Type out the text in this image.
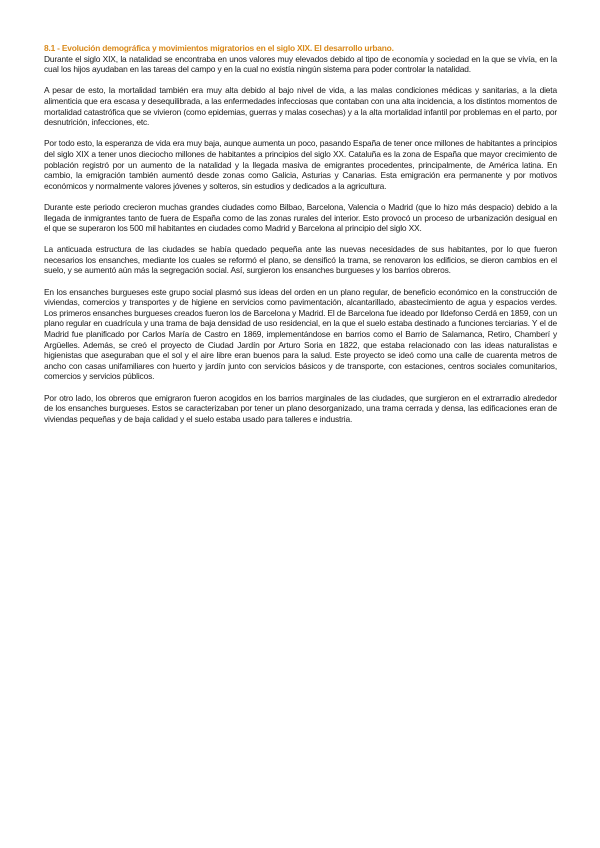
8.1 - Evolución demográfica y movimientos migratorios en el siglo XIX. El desarrollo urbano.

Durante el siglo XIX, la natalidad se encontraba en unos valores muy elevados debido al tipo de economía y sociedad en la que se vivía, en la cual los hijos ayudaban en las tareas del campo y en la cual no existía ningún sistema para poder controlar la natalidad.

A pesar de esto, la mortalidad también era muy alta debido al bajo nivel de vida, a las malas condiciones médicas y sanitarias, a la dieta alimenticia que era escasa y desequilibrada, a las enfermedades infecciosas que contaban con una alta incidencia, a los distintos momentos de mortalidad catastrófica que se vivieron (como epidemias, guerras y malas cosechas) y a la alta mortalidad infantil por problemas en el parto, por desnutrición, infecciones, etc.

Por todo esto, la esperanza de vida era muy baja, aunque aumenta un poco, pasando España de tener once millones de habitantes a principios del siglo XIX a tener unos dieciocho millones de habitantes a principios del siglo XX. Cataluña es la zona de España que mayor crecimiento de población registró por un aumento de la natalidad y la llegada masiva de emigrantes procedentes, principalmente, de América latina. En cambio, la emigración también aumentó desde zonas como Galicia, Asturias y Canarias. Esta emigración era permanente y por motivos económicos y normalmente valores jóvenes y solteros, sin estudios y dedicados a la agricultura.

Durante este periodo crecieron muchas grandes ciudades como Bilbao, Barcelona, Valencia o Madrid (que lo hizo más despacio) debido a la llegada de inmigrantes tanto de fuera de España como de las zonas rurales del interior. Esto provocó un proceso de urbanización desigual en el que se superaron los 500 mil habitantes en ciudades como Madrid y Barcelona al principio del siglo XX.

La anticuada estructura de las ciudades se había quedado pequeña ante las nuevas necesidades de sus habitantes, por lo que fueron necesarios los ensanches, mediante los cuales se reformó el plano, se densificó la trama, se renovaron los edificios, se dieron cambios en el suelo, y se aumentó aún más la segregación social. Así, surgieron los ensanches burgueses y los barrios obreros.

En los ensanches burgueses este grupo social plasmó sus ideas del orden en un plano regular, de beneficio económico en la construcción de viviendas, comercios y transportes y de higiene en servicios como pavimentación, alcantarillado, abastecimiento de agua y espacios verdes. Los primeros ensanches burgueses creados fueron los de Barcelona y Madrid. El de Barcelona fue ideado por Ildefonso Cerdá en 1859, con un plano regular en cuadrícula y una trama de baja densidad de uso residencial, en la que el suelo estaba destinado a funciones terciarias. Y el de Madrid fue planificado por Carlos María de Castro en 1869, implementándose en barrios como el Barrio de Salamanca, Retiro, Chamberí y Argüelles. Además, se creó el proyecto de Ciudad Jardín por Arturo Soria en 1822, que estaba relacionado con las ideas naturalistas e higienistas que aseguraban que el sol y el aire libre eran buenos para la salud. Este proyecto se ideó como una calle de cuarenta metros de ancho con casas unifamiliares con huerto y jardín junto con servicios básicos y de transporte, con estaciones, centros sociales comunitarios, comercios y servicios públicos.

Por otro lado, los obreros que emigraron fueron acogidos en los barrios marginales de las ciudades, que surgieron en el extrarradio alrededor de los ensanches burgueses. Estos se caracterizaban por tener un plano desorganizado, una trama cerrada y densa, las edificaciones eran de viviendas pequeñas y de baja calidad y el suelo estaba usado para talleres e industria.
